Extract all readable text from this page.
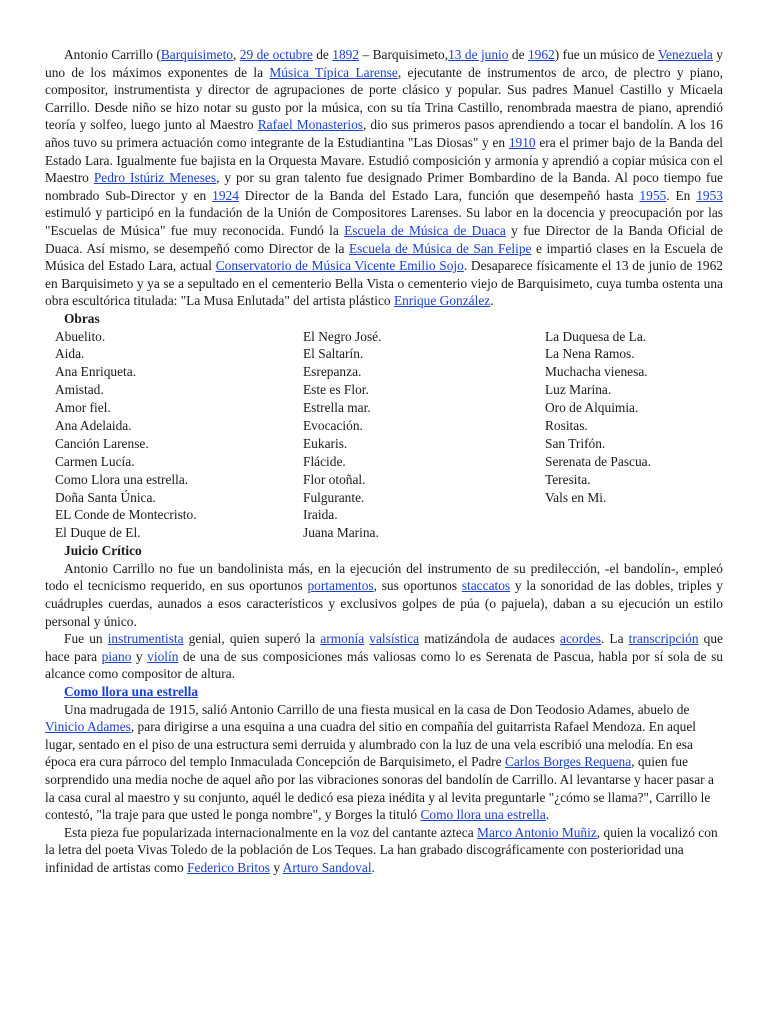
Antonio Carrillo (Barquisimeto, 29 de octubre de 1892 – Barquisimeto,13 de junio de 1962) fue un músico de Venezuela y uno de los máximos exponentes de la Música Típica Larense, ejecutante de instrumentos de arco, de plectro y piano, compositor, instrumentista y director de agrupaciones de porte clásico y popular. Sus padres Manuel Castillo y Micaela Carrillo. Desde niño se hizo notar su gusto por la música, con su tía Trina Castillo, renombrada maestra de piano, aprendió teoría y solfeo, luego junto al Maestro Rafael Monasterios, dio sus primeros pasos aprendiendo a tocar el bandolín. A los 16 años tuvo su primera actuación como integrante de la Estudiantina "Las Diosas" y en 1910 era el primer bajo de la Banda del Estado Lara. Igualmente fue bajista en la Orquesta Mavare. Estudió composición y armonía y aprendió a copiar música con el Maestro Pedro Istúriz Meneses, y por su gran talento fue designado Primer Bombardino de la Banda. Al poco tiempo fue nombrado Sub-Director y en 1924 Director de la Banda del Estado Lara, función que desempeñó hasta 1955. En 1953 estimuló y participó en la fundación de la Unión de Compositores Larenses. Su labor en la docencia y preocupación por las "Escuelas de Música" fue muy reconocida. Fundó la Escuela de Música de Duaca y fue Director de la Banda Oficial de Duaca. Así mismo, se desempeñó como Director de la Escuela de Música de San Felipe e impartió clases en la Escuela de Música del Estado Lara, actual Conservatorio de Música Vicente Emilio Sojo. Desaparece físicamente el 13 de junio de 1962 en Barquisimeto y ya se a sepultado en el cementerio Bella Vista o cementerio viejo de Barquisimeto, cuya tumba ostenta una obra escultórica titulada: "La Musa Enlutada" del artista plástico Enrique González.

Obras
Abuelito.
Aida.
Ana Enriqueta.
Amistad.
Amor fiel.
Ana Adelaida.
Canción Larense.
Carmen Lucía.
Como Llora una estrella.
Doña Santa Única.
EL Conde de Montecristo.
El Duque de El.
El Negro José.
El Saltarín.
Esrepanza.
Este es Flor.
Estrella mar.
Evocación.
Eukaris.
Flácide.
Flor otoñal.
Fulgurante.
Iraida.
Juana Marina.
La Duquesa de La.
La Nena Ramos.
Muchacha vienesa.
Luz Marina.
Oro de Alquimia.
Rositas.
San Trifón.
Serenata de Pascua.
Teresita.
Vals en Mi.
Juicio Crítico

Antonio Carrillo no fue un bandolinista más, en la ejecución del instrumento de su predilección, -el bandolín-, empleó todo el tecnicismo requerido, en sus oportunos portamentos, sus oportunos staccatos y la sonoridad de las dobles, triples y cuádruples cuerdas, aunados a esos característicos y exclusivos golpes de púa (o pajuela), daban a su ejecución un estilo personal y único.

Fue un instrumentista genial, quien superó la armonía valsística matizándola de audaces acordes. La transcripción que hace para piano y violín de una de sus composiciones más valiosas como lo es Serenata de Pascua, habla por sí sola de su alcance como compositor de altura.

Como llora una estrella

Una madrugada de 1915, salió Antonio Carrillo de una fiesta musical en la casa de Don Teodosio Adames, abuelo de Vinicio Adames, para dirigirse a una esquina a una cuadra del sitio en compañía del guitarrista Rafael Mendoza. En aquel lugar, sentado en el piso de una estructura semi derruida y alumbrado con la luz de una vela escribió una melodía. En esa época era cura párroco del templo Inmaculada Concepción de Barquisimeto, el Padre Carlos Borges Requena, quien fue sorprendido una media noche de aquel año por las vibraciones sonoras del bandolín de Carrillo. Al levantarse y hacer pasar a la casa cural al maestro y su conjunto, aquél le dedicó esa pieza inédita y al levita preguntarle "¿cómo se llama?", Carrillo le contestó, "la traje para que usted le ponga nombre", y Borges la tituló Como llora una estrella.

Esta pieza fue popularizada internacionalmente en la voz del cantante azteca Marco Antonio Muñiz, quien la vocalizó con la letra del poeta Vivas Toledo de la población de Los Teques. La han grabado discográficamente con posterioridad una infinidad de artistas como Federico Britos y Arturo Sandoval.
